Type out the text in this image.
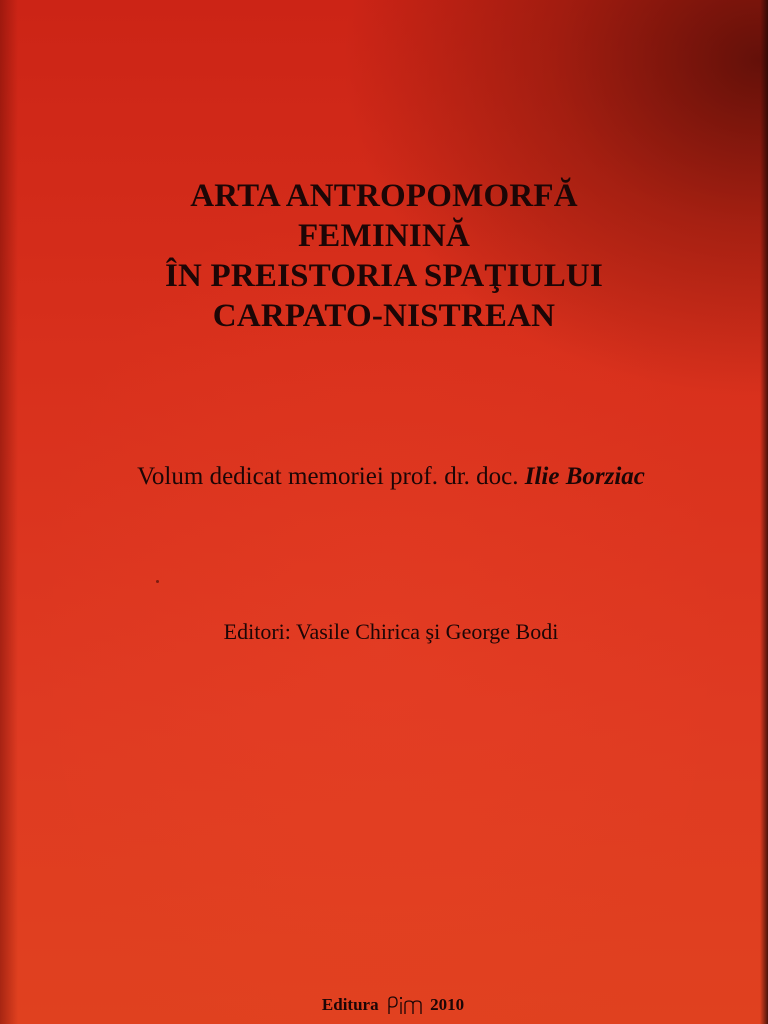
ARTA ANTROPOMORFĂ
FEMININĂ
ÎN PREISTORIA SPAŢIULUI
CARPATO-NISTREAN
Volum dedicat memoriei prof. dr. doc. Ilie Borziac
Editori: Vasile Chirica şi George Bodi
Editura	2010
